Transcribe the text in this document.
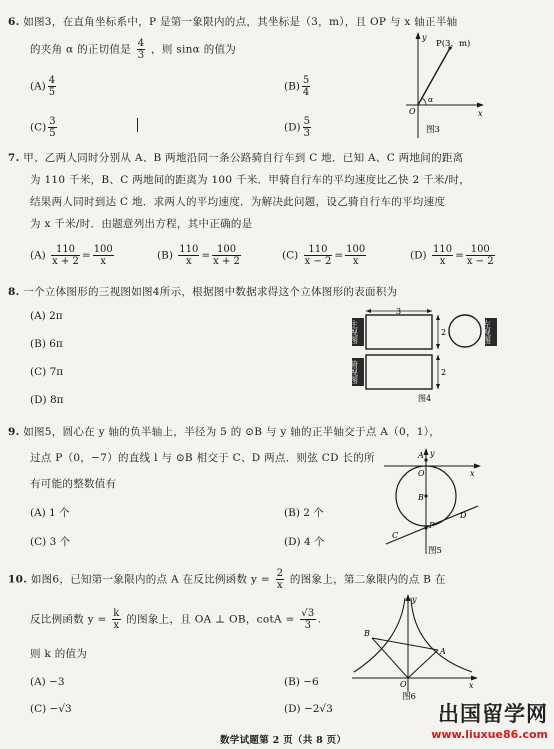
6. 如图3，在直角坐标系中，P 是第一象限内的点，其坐标是（3，m），且 OP 与 x 轴正半轴
的夹角 α 的正切值是 $\frac{4}{3}$ ，则 sinα 的值为
$(A) \frac{4}{5}$	$(B) \frac{5}{4}$
$(C) \frac{3}{5}$	$(D) \frac{5}{3}$
P(3，m)
O
y
x
α
图3
7. 甲、乙两人同时分别从 A、B 两地沿同一条公路骑自行车到 C 地．已知 A、C 两地间的距离
为 110 千米，B、C 两地间的距离为 100 千米．甲骑自行车的平均速度比乙快 2 千米/时，
结果两人同时到达 C 地．求两人的平均速度．为解决此问题，设乙骑自行车的平均速度
为 x 千米/时．由题意列出方程，其中正确的是
$(A) \frac{110}{x + 2} = \frac{100}{x}$	$(B) \frac{110}{x} = \frac{100}{x + 2}$	$(C) \frac{110}{x - 2} = \frac{100}{x}$	$(D) \frac{110}{x} = \frac{100}{x - 2}$
8. 一个立体图形的三视图如图4所示，根据图中数据求得这个立体图形的表面积为
(A) 2π
(B) 6π
(C) 7π
(D) 8π
3
2
2
主视图
俯视图
左视图
图4
9. 如图5，圆心在 y 轴的负半轴上，半径为 5 的 ⊙B 与 y 轴的正半轴交于点 A（0，1），
过点 P（0，−7）的直线 l 与 ⊙B 相交于 C、D 两点．则弦 CD 长的所
有可能的整数值有
(A) 1 个	(B) 2 个
(C) 3 个	(D) 4 个
A
O
B
P
C
D
y
x
图5
10. 如图6，已知第一象限内的点 A 在反比例函数 $y = \frac{2}{x}$ 的图象上，第二象限内的点 B 在
反比例函数 $y = \frac{k}{x}$ 的图象上，且 OA ⊥ OB，$\cot A = \frac{√3}{3}$ .
则 k 的值为
(A) −3	(B) −6
(C) −√3	(D) −2√3
A
B
O
y
x
图6
数学试题第 2 页（共 8 页）
出国留学网
www.liuxue86.com
